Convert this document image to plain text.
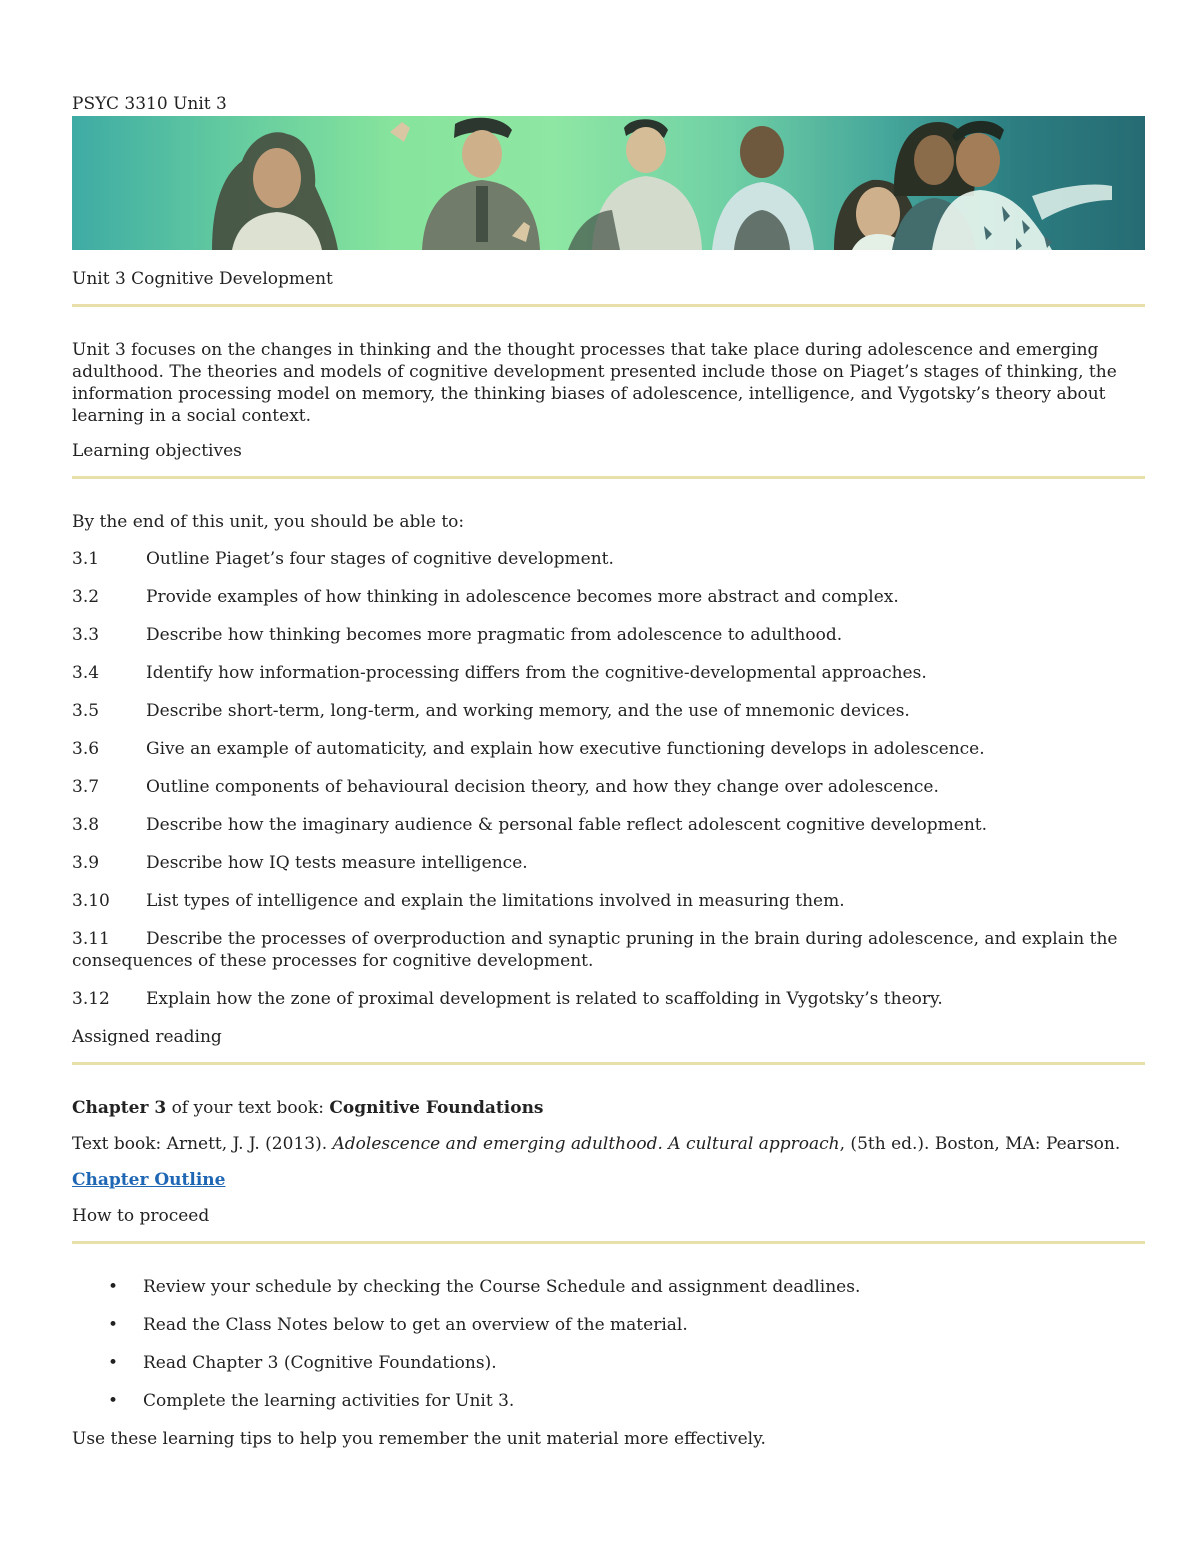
PSYC 3310 Unit 3
Unit 3 Cognitive Development

Unit 3 focuses on the changes in thinking and the thought processes that take place during adolescence and emerging adulthood. The theories and models of cognitive development presented include those on Piaget’s stages of thinking, the information processing model on memory, the thinking biases of adolescence, intelligence, and Vygotsky’s theory about learning in a social context.

Learning objectives

By the end of this unit, you should be able to:

3.1	Outline Piaget’s four stages of cognitive development.

3.2	Provide examples of how thinking in adolescence becomes more abstract and complex.

3.3	Describe how thinking becomes more pragmatic from adolescence to adulthood.

3.4	Identify how information-processing differs from the cognitive-developmental approaches.

3.5	Describe short-term, long-term, and working memory, and the use of mnemonic devices.

3.6	Give an example of automaticity, and explain how executive functioning develops in adolescence.

3.7	Outline components of behavioural decision theory, and how they change over adolescence.

3.8	Describe how the imaginary audience & personal fable reflect adolescent cognitive development.

3.9	Describe how IQ tests measure intelligence.

3.10 List types of intelligence and explain the limitations involved in measuring them.

3.11 Describe the processes of overproduction and synaptic pruning in the brain during adolescence, and explain the consequences of these processes for cognitive development.

3.12 Explain how the zone of proximal development is related to scaffolding in Vygotsky’s theory.

Assigned reading

Chapter 3 of your text book: Cognitive Foundations

Text book: Arnett, J. J. (2013). Adolescence and emerging adulthood. A cultural approach, (5th ed.). Boston, MA: Pearson.

Chapter Outline

How to proceed
• Review your schedule by checking the Course Schedule and assignment deadlines.
• Read the Class Notes below to get an overview of the material.
• Read Chapter 3 (Cognitive Foundations).
• Complete the learning activities for Unit 3.

Use these learning tips to help you remember the unit material more effectively.
